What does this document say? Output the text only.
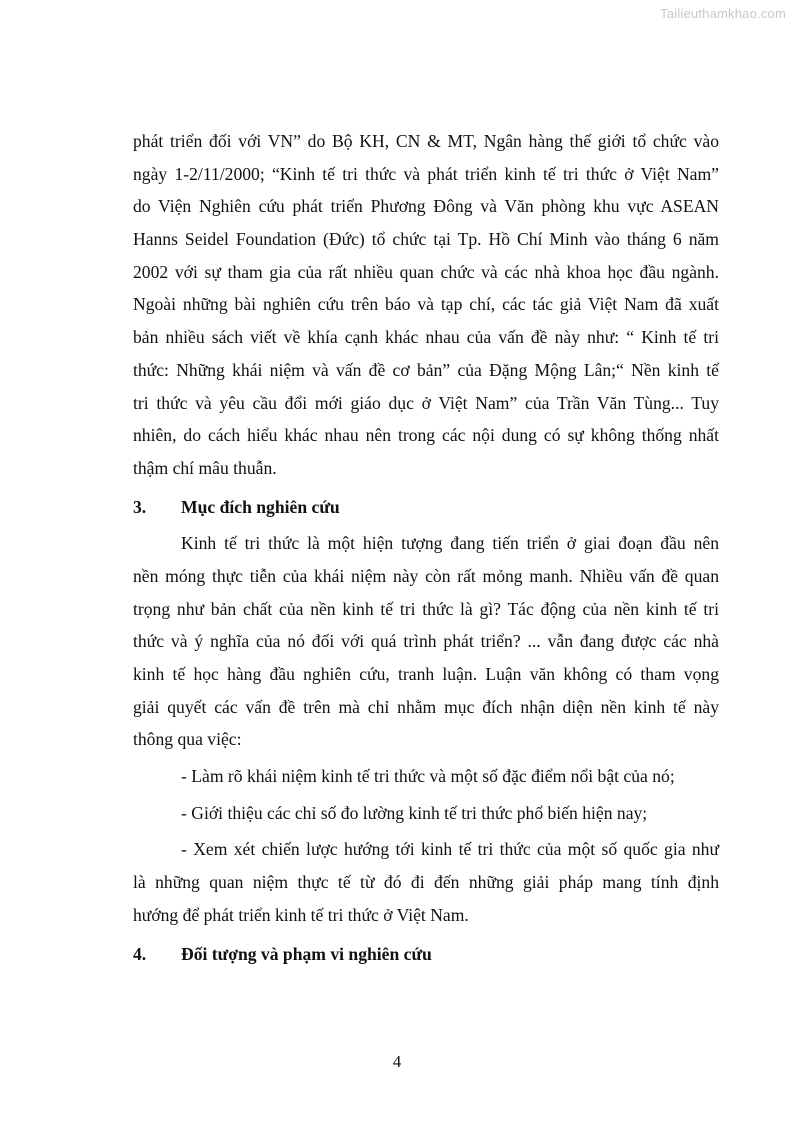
Tailieuthamkhao.com
phát triển đối với VN” do Bộ KH, CN & MT, Ngân hàng thế giới tổ chức vào
ngày 1-2/11/2000; “Kinh tế tri thức và phát triển kinh tế tri thức ở Việt Nam”
do Viện Nghiên cứu phát triển Phương Đông và Văn phòng khu vực ASEAN
Hanns Seidel Foundation (Đức) tổ chức tại Tp. Hồ Chí Minh vào tháng 6 năm
2002 với sự tham gia của rất nhiều quan chức và các nhà khoa học đầu ngành.
Ngoài những bài nghiên cứu trên báo và tạp chí, các tác giả Việt Nam đã xuất
bản nhiều sách viết về khía cạnh khác nhau của vấn đề này như: “ Kinh tế tri
thức: Những khái niệm và vấn đề cơ bản” của Đặng Mộng Lân;“ Nền kinh tế
tri thức và yêu cầu đổi mới giáo dục ở Việt Nam” của Trần Văn Tùng... Tuy
nhiên, do cách hiểu khác nhau nên trong các nội dung có sự không thống nhất
thậm chí mâu thuẫn.
3.	Mục đích nghiên cứu
Kinh tế tri thức là một hiện tượng đang tiến triển ở giai đoạn đầu nên
nền móng thực tiễn của khái niệm này còn rất mỏng manh. Nhiều vấn đề quan
trọng như bản chất của nền kinh tế tri thức là gì? Tác động của nền kinh tế tri
thức và ý nghĩa của nó đối với quá trình phát triển? ... vẫn đang được các nhà
kinh tế học hàng đầu nghiên cứu, tranh luận. Luận văn không có tham vọng
giải quyết các vấn đề trên mà chỉ nhằm mục đích nhận diện nền kinh tế này
thông qua việc:
- Làm rõ khái niệm kinh tế tri thức và một số đặc điểm nổi bật của nó;
- Giới thiệu các chỉ số đo lường kinh tế tri thức phổ biến hiện nay;
- Xem xét chiến lược hướng tới kinh tế tri thức của một số quốc gia như
là những quan niệm thực tế từ đó đi đến những giải pháp mang tính định
hướng để phát triển kinh tế tri thức ở Việt Nam.
4.	Đối tượng và phạm vi nghiên cứu
4
